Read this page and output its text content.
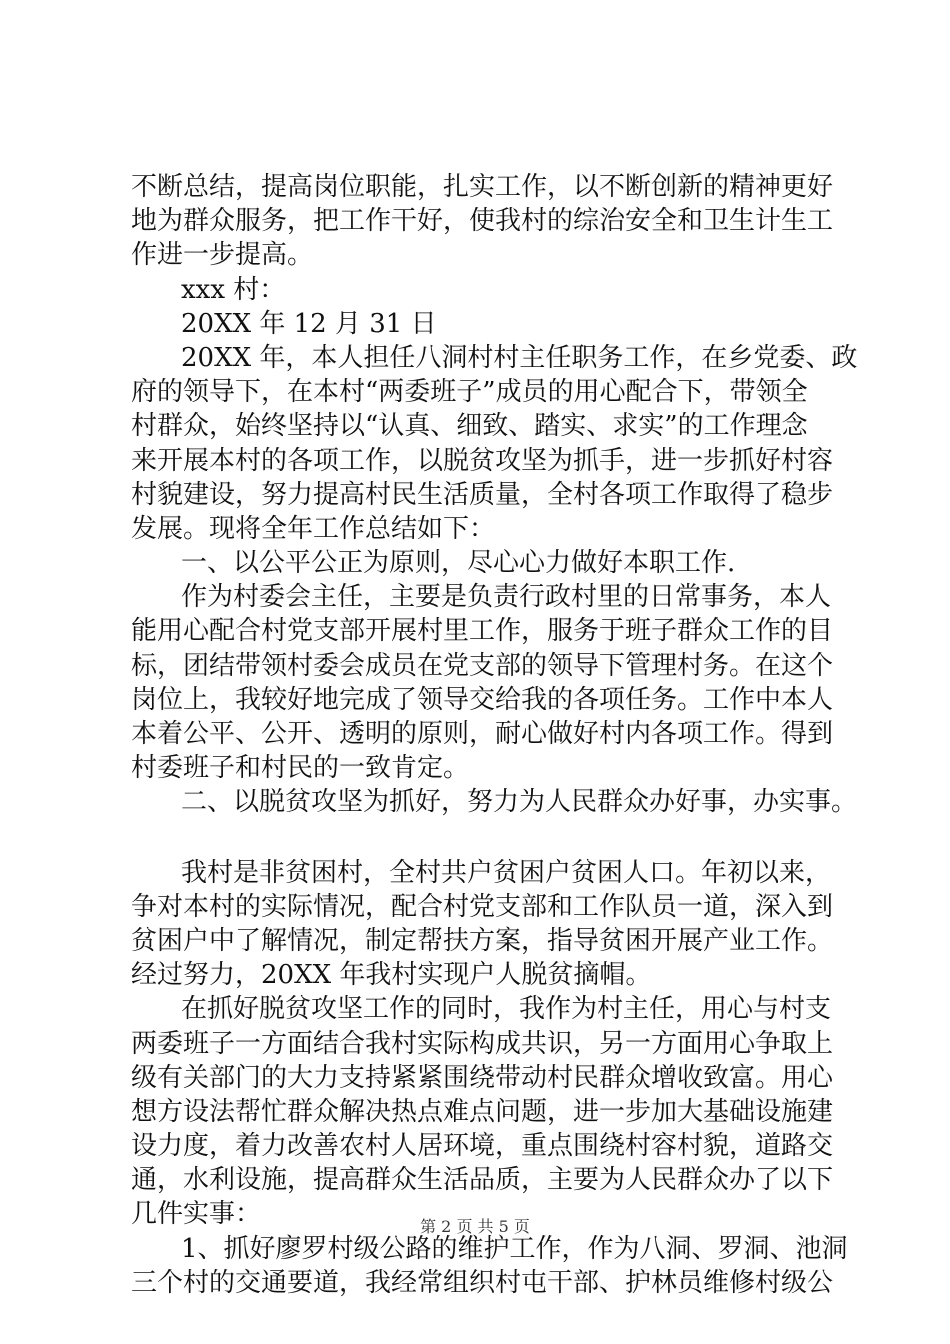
不断总结，提高岗位职能，扎实工作，以不断创新的精神更好
地为群众服务，把工作干好，使我村的综治安全和卫生计生工
作进一步提高。
xxx 村：
20XX 年 12 月 31 日
20XX 年，本人担任八洞村村主任职务工作，在乡党委、政
府的领导下，在本村“两委班子”成员的用心配合下，带领全
村群众，始终坚持以“认真、细致、踏实、求实”的工作理念
来开展本村的各项工作，以脱贫攻坚为抓手，进一步抓好村容
村貌建设，努力提高村民生活质量，全村各项工作取得了稳步
发展。现将全年工作总结如下：
一、以公平公正为原则，尽心心力做好本职工作.
作为村委会主任，主要是负责行政村里的日常事务，本人
能用心配合村党支部开展村里工作，服务于班子群众工作的目
标，团结带领村委会成员在党支部的领导下管理村务。在这个
岗位上，我较好地完成了领导交给我的各项任务。工作中本人
本着公平、公开、透明的原则，耐心做好村内各项工作。得到
村委班子和村民的一致肯定。
二、以脱贫攻坚为抓好，努力为人民群众办好事，办实事。
我村是非贫困村，全村共户贫困户贫困人口。年初以来，
争对本村的实际情况，配合村党支部和工作队员一道，深入到
贫困户中了解情况，制定帮扶方案，指导贫困开展产业工作。
经过努力，20XX 年我村实现户人脱贫摘帽。
在抓好脱贫攻坚工作的同时，我作为村主任，用心与村支
两委班子一方面结合我村实际构成共识，另一方面用心争取上
级有关部门的大力支持紧紧围绕带动村民群众增收致富。用心
想方设法帮忙群众解决热点难点问题，进一步加大基础设施建
设力度，着力改善农村人居环境，重点围绕村容村貌，道路交
通，水利设施，提高群众生活品质，主要为人民群众办了以下
几件实事：
1、抓好廖罗村级公路的维护工作，作为八洞、罗洞、池洞
三个村的交通要道，我经常组织村屯干部、护林员维修村级公
第 2 页 共 5 页
